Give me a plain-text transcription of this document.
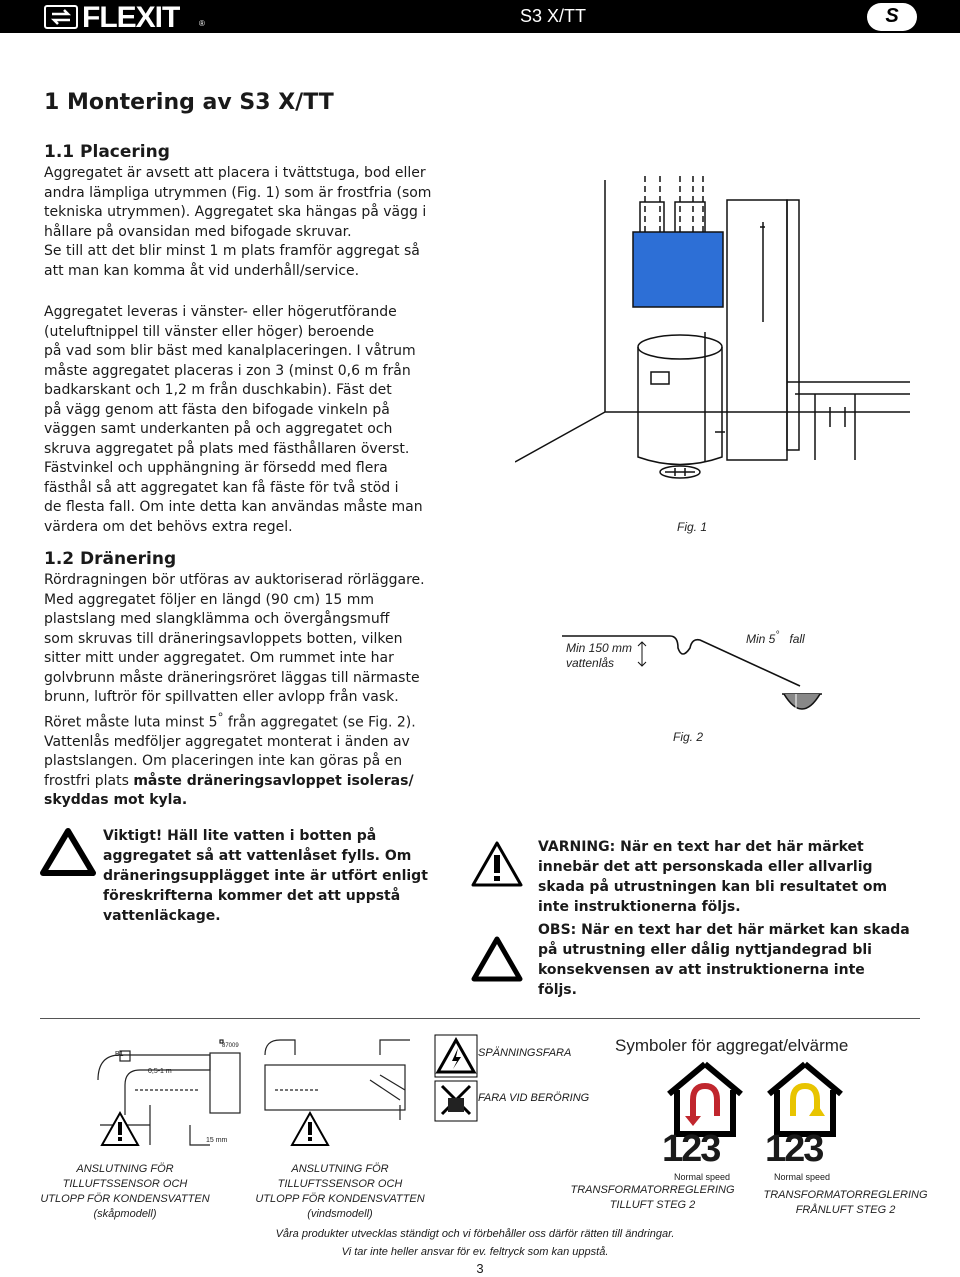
FLEXIT ®	S3 X/TT	S
1 Montering av S3 X/TT
1.1 Placering

Aggregatet är avsett att placera i tvättstuga, bod eller

andra lämpliga utrymmen (Fig. 1) som är frostfria (som

tekniska utrymmen). Aggregatet ska hängas på vägg i

hållare på ovansidan med bifogade skruvar.

Se till att det blir minst 1 m plats framför aggregat så

att man kan komma åt vid underhåll/service.

Aggregatet leveras i vänster- eller högerutförande

(uteluftnippel till vänster eller höger) beroende

på vad som blir bäst med kanalplaceringen. I våtrum

måste aggregatet placeras i zon 3 (minst 0,6 m från

badkarskant och 1,2 m från duschkabin). Fäst det

på vägg genom att fästa den bifogade vinkeln på

väggen samt underkanten på och aggregatet och

skruva aggregatet på plats med fästhållaren överst.

Fästvinkel och upphängning är försedd med flera

fästhål så att aggregatet kan få fäste för två stöd i

de flesta fall. Om inte detta kan användas måste man

värdera om det behövs extra regel.	Fig. 1
1.2 Dränering

Rördragningen bör utföras av auktoriserad rörläggare.

Med aggregatet följer en längd (90 cm) 15 mm

plastslang med slangklämma och övergångsmuff

som skruvas till dräneringsavloppets botten, vilken

sitter mitt under aggregatet. Om rummet inte har

golvbrunn måste dräneringsröret läggas till närmaste

brunn, luftrör för spillvatten eller avlopp från vask.

Röret måste luta minst 5° från aggregatet (se Fig. 2).

Vattenlås medföljer aggregatet monterat i änden av

plastslangen. Om placeringen inte kan göras på en

frostfri plats måste dräneringsavloppet isoleras/

skyddas mot kyla.

Min 150 mm
vattenlås
Min 5° fall
Fig. 2

Viktigt! Häll lite vatten i botten på

aggregatet så att vattenlåset fylls. Om

dräneringsupplägget inte är utfört enligt

föreskrifterna kommer det att uppstå

vattenläckage.

VARNING: När en text har det här märket

innebär det att personskada eller allvarlig

skada på utrustningen kan bli resultatet om

inte instruktionerna följs.

OBS: När en text har det här märket kan skada

på utrustning eller dålig nyttjandegrad bli

konsekvensen av att instruktionerna inte

följs.

B1
0,5-1 m
15 mm
87009
ANSLUTNING FÖR
TILLUFTSSENSOR OCH
UTLOPP FÖR KONDENSVATTEN
(skåpmodell)
ANSLUTNING FÖR
TILLUFTSSENSOR OCH
UTLOPP FÖR KONDENSVATTEN
(vindsmodell)
SPÄNNINGSFARA
FARA VID BERÖRING
Symboler för aggregat/elvärme
123
Normal speed
123
Normal speed
TRANSFORMATORREGLERING
TILLUFT STEG 2
TRANSFORMATORREGLERING
FRÅNLUFT STEG 2
Våra produkter utvecklas ständigt och vi förbehåller oss därför rätten till ändringar.
Vi tar inte heller ansvar för ev. feltryck som kan uppstå.
3
